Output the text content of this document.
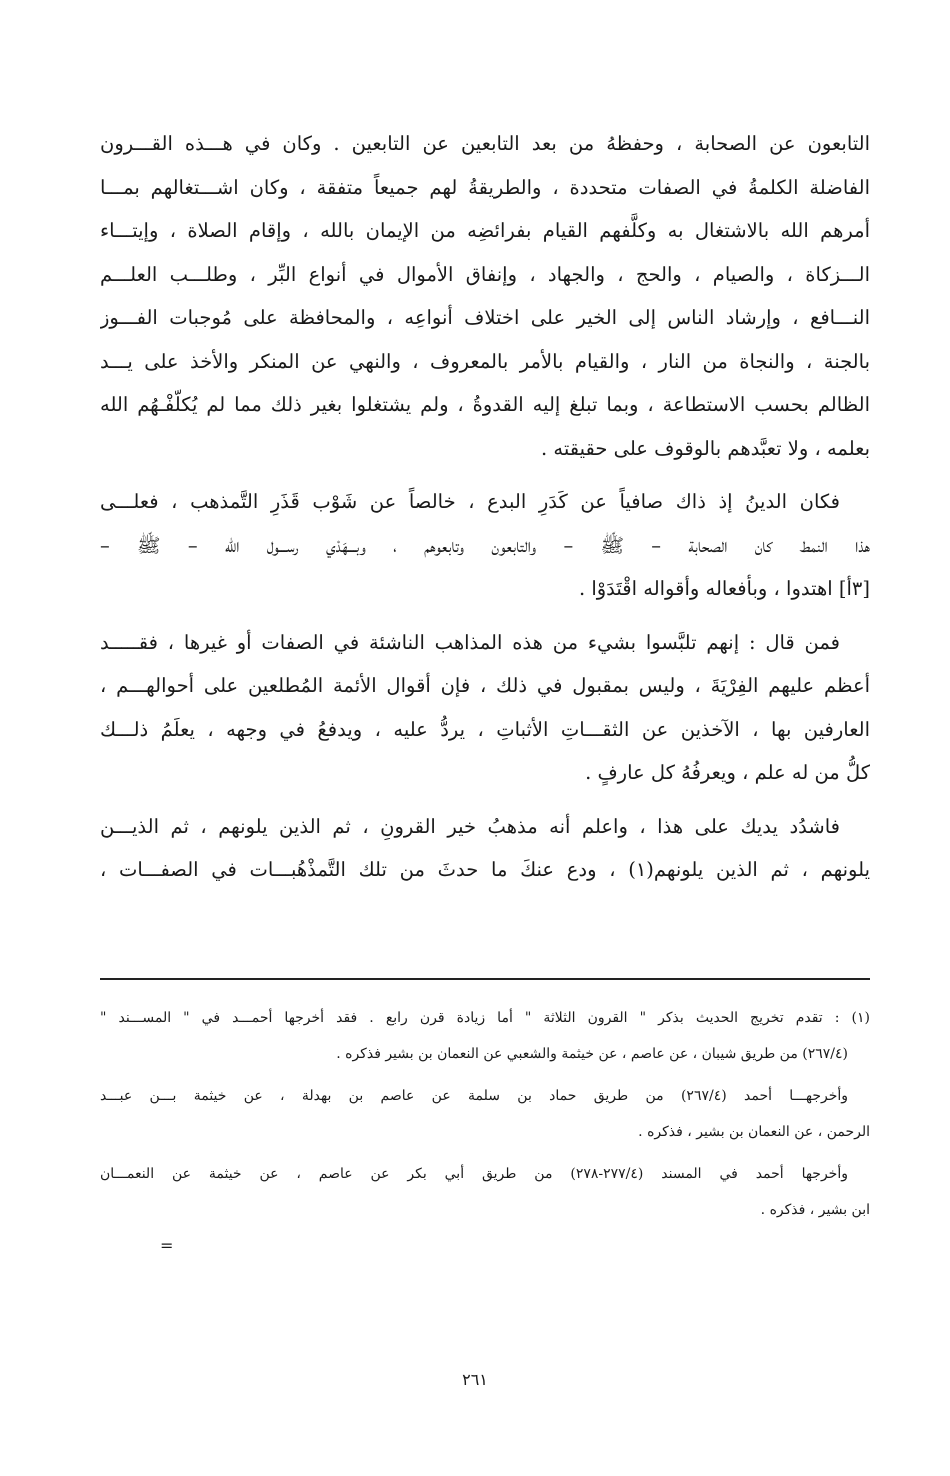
التابعون عن الصحابة ، وحفظهُ من بعد التابعين عن التابعين . وكان في هـــذه القـــرون
الفاضلة الكلمةُ في الصفات متحددة ، والطريقةُ لهم جميعاً متفقة ، وكان اشـــتغالهم بمـــا
أمرهم الله بالاشتغال به وكلَّفهم القيام بفرائضِه من الإيمان بالله ، وإقام الصلاة ، وإيتـــاء
الـــزكاة ، والصيام ، والحج ، والجهاد ، وإنفاق الأموال في أنواع البِّر ، وطلـــب العلـــم
النـــافع ، وإرشاد الناس إلى الخير على اختلاف أنواعِه ، والمحافظة على مُوجبات الفـــوز
بالجنة ، والنجاة من النار ، والقيام بالأمر بالمعروف ، والنهي عن المنكر والأخذ على يـــد
الظالم بحسب الاستطاعة ، وبما تبلغ إليه القدوةُ ، ولم يشتغلوا بغير ذلك مما لم يُكلّفْـهُم الله
بعلمه ، ولا تعبَّدهم بالوقوف على حقيقته .

فكان الدينُ إذ ذاك صافياً عن كَدَرِ البدع ، خالصاً عن شَوْب قَذَرِ التَّمذهب ، فعلـــى
هذا النمط كان الصحابة – ﷺ – والتابعون وتابعوهم ، وبـــهَدْي رســـول الله – ﷺ –
[٣أ] اهتدوا ، وبأفعاله وأقواله اقْتَدَوْا .

فمن قال : إنهم تلبَّسوا بشيء من هذه المذاهب الناشئة في الصفات أو غيرها ، فقـــــد
أعظم عليهم الفِرْيَةَ ، وليس بمقبول في ذلك ، فإن أقوال الأئمة المُطلعين على أحوالهـــم ،
العارفين بها ، الآخذين عن الثقـــاتِ الأثباتِ ، يردُّ عليه ، ويدفعُ في وجهه ، يعلَمُ ذلـــك
كلُّ من له علم ، ويعرفُهُ كل عارفٍ .

فاشدُد يديك على هذا ، واعلم أنه مذهبُ خير القرونِ ، ثم الذين يلونهم ، ثم الذيـــن
يلونهم ، ثم الذين يلونهم(١) ، ودع عنكَ ما حدثَ من تلك التَّمذْهُبـــات في الصفـــات ،

(١) : تقدم تخريج الحديث بذكر " القرون الثلاثة " أما زيادة قرن رابع . فقد أخرجها أحمـــد في " المســـند "
(٢٦٧/٤) من طريق شيبان ، عن عاصم ، عن خيثمة والشعبي عن النعمان بن بشير فذكره .
وأخرجهـــا أحمد (٢٦٧/٤) من طريق حماد بن سلمة عن عاصم بن بهدلة ، عن خيثمة بـــن عبـــد
الرحمن ، عن النعمان بن بشير ، فذكره .
وأخرجها أحمد في المسند (٢٧٧/٤-٢٧٨) من طريق أبي بكر عن عاصم ، عن خيثمة عن النعمـــان
ابن بشير ، فذكره .
=
٢٦١
